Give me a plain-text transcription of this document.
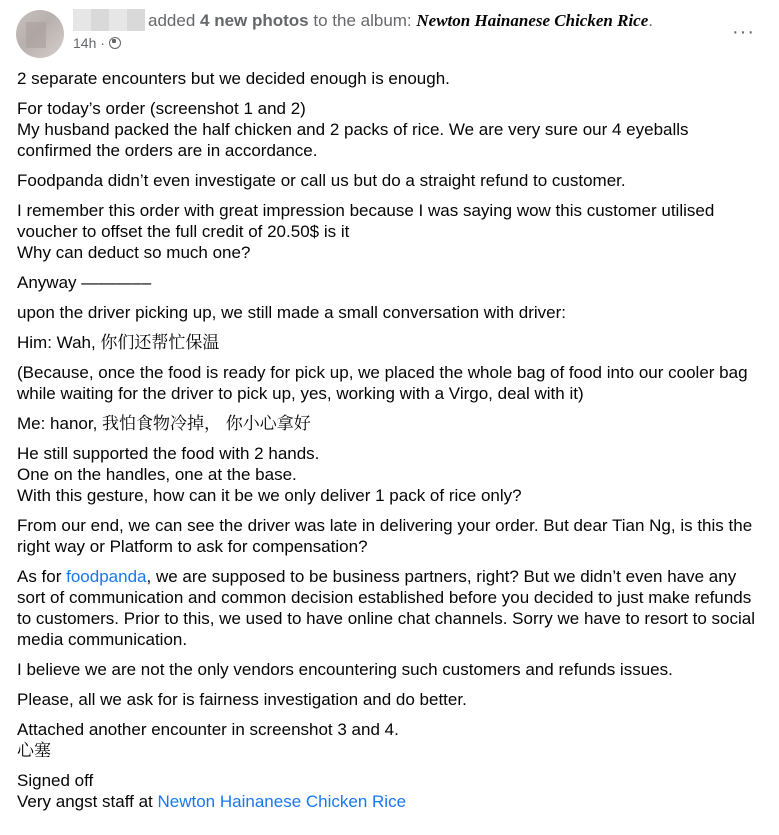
added 4 new photos to the album: Newton Hainanese Chicken Rice.
14h ·	···

2 separate encounters but we decided enough is enough.

For today’s order (screenshot 1 and 2)
My husband packed the half chicken and 2 packs of rice. We are very sure our 4 eyeballs confirmed the orders are in accordance.

Foodpanda didn’t even investigate or call us but do a straight refund to customer.

I remember this order with great impression because I was saying wow this customer utilised voucher to offset the full credit of 20.50$ is it
Why can deduct so much one?

Anyway ———––

upon the driver picking up, we still made a small conversation with driver:

Him: Wah, 你们还帮忙保温

(Because, once the food is ready for pick up, we placed the whole bag of food into our cooler bag while waiting for the driver to pick up, yes, working with a Virgo, deal with it)

Me: hanor, 我怕食物冷掉， 你小心拿好

He still supported the food with 2 hands.
One on the handles, one at the base.
With this gesture, how can it be we only deliver 1 pack of rice only?

From our end, we can see the driver was late in delivering your order. But dear Tian Ng, is this the right way or Platform to ask for compensation?

As for foodpanda, we are supposed to be business partners, right? But we didn’t even have any sort of communication and common decision established before you decided to just make refunds to customers. Prior to this, we used to have online chat channels. Sorry we have to resort to social media communication.

I believe we are not the only vendors encountering such customers and refunds issues.

Please, all we ask for is fairness investigation and do better.

Attached another encounter in screenshot 3 and 4.
心塞

Signed off
Very angst staff at Newton Hainanese Chicken Rice
